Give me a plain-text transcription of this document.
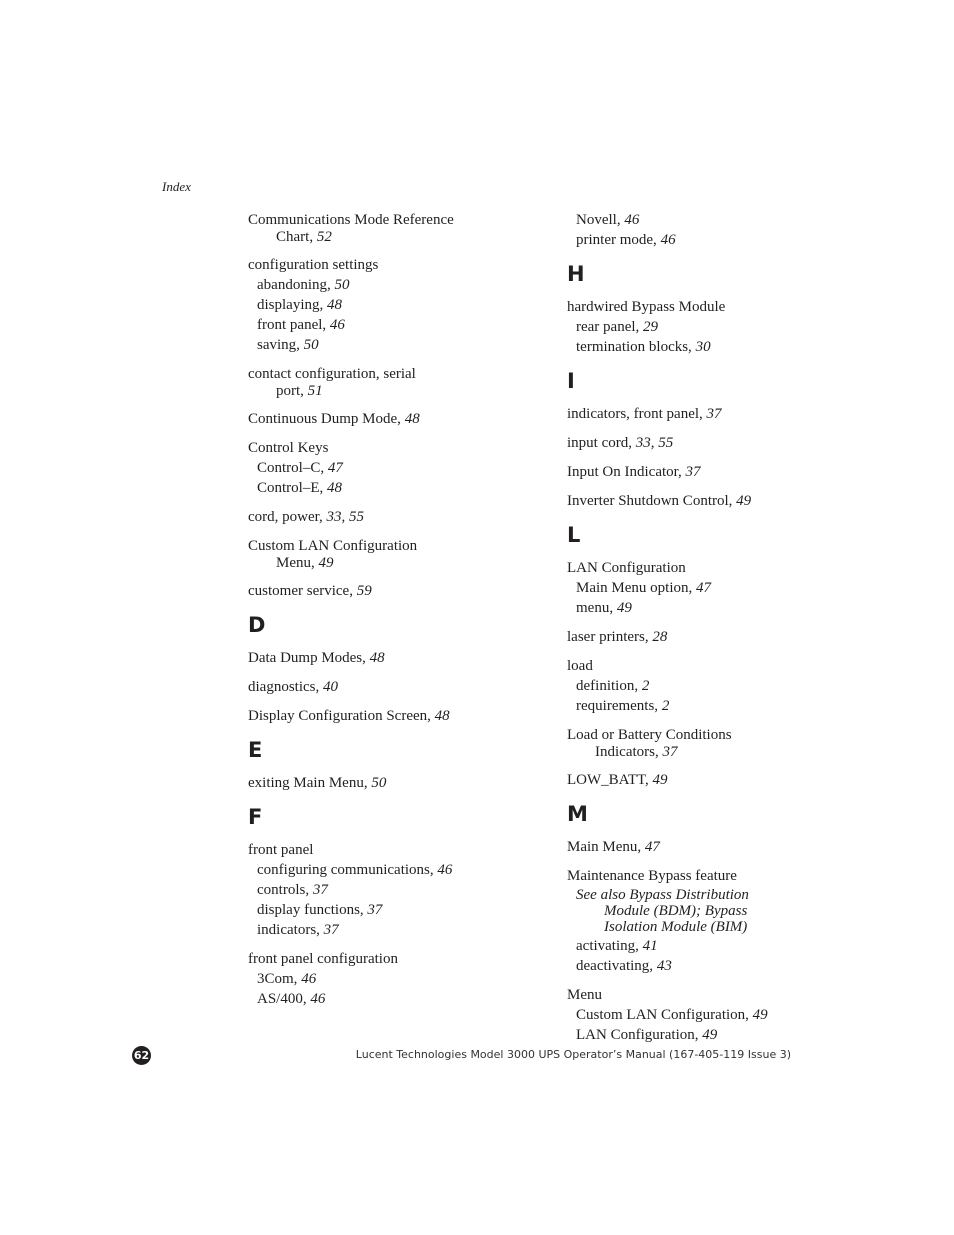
Index
Communications Mode Reference
Chart, 52
configuration settings
abandoning, 50
displaying, 48
front panel, 46
saving, 50
contact configuration, serial
port, 51
Continuous Dump Mode, 48
Control Keys
Control–C, 47
Control–E, 48
cord, power, 33, 55
Custom LAN Configuration
Menu, 49
customer service, 59
D
Data Dump Modes, 48
diagnostics, 40
Display Configuration Screen, 48
E
exiting Main Menu, 50
F
front panel
configuring communications, 46
controls, 37
display functions, 37
indicators, 37
front panel configuration
3Com, 46
AS/400, 46
Novell, 46
printer mode, 46
H
hardwired Bypass Module
rear panel, 29
termination blocks, 30
I
indicators, front panel, 37
input cord, 33, 55
Input On Indicator, 37
Inverter Shutdown Control, 49
L
LAN Configuration
Main Menu option, 47
menu, 49
laser printers, 28
load
definition, 2
requirements, 2
Load or Battery Conditions
Indicators, 37
LOW_BATT, 49
M
Main Menu, 47
Maintenance Bypass feature
See also Bypass Distribution
Module (BDM); Bypass
Isolation Module (BIM)
activating, 41
deactivating, 43
Menu
Custom LAN Configuration, 49
LAN Configuration, 49
62	Lucent Technologies Model 3000 UPS Operator’s Manual (167-405-119 Issue 3)
